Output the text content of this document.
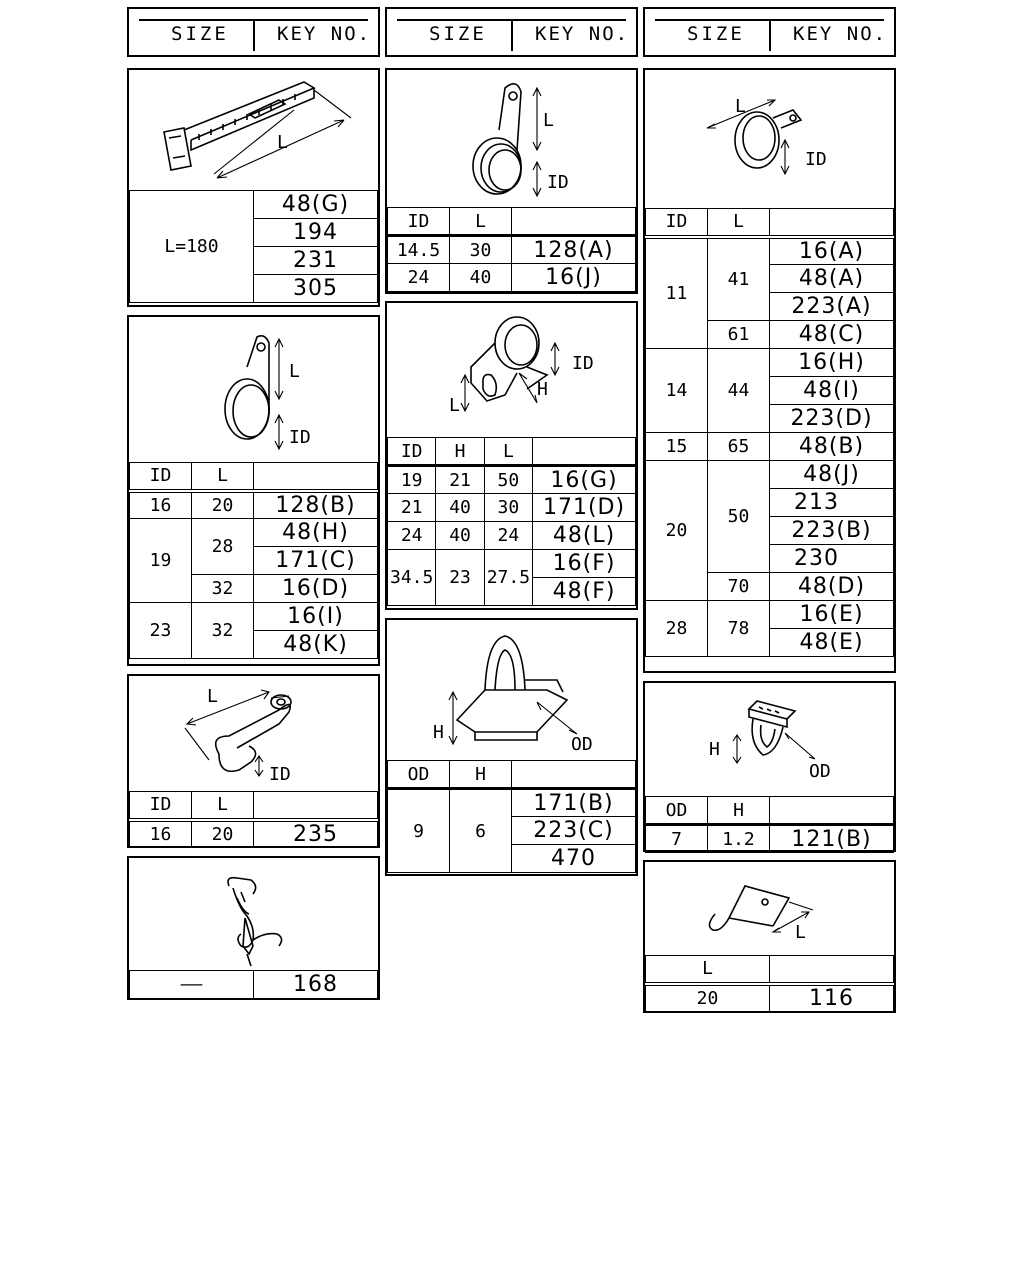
SIZE	KEY NO.	SIZE	KEY NO.	SIZE	KEY NO.
L
L=180	48(G)
194
231
305
L
ID
ID	L	
16	20	128(B)
19	28	48(H)
		171(C)
	32	16(D)
23	32	16(I)
		48(K)
L
ID
ID	L	
16	20	235
——	168
L
ID
ID	L	
14.5	30	128(A)
24	40	16(J)
ID
H
L
ID	H	L	
19	21	50	16(G)
21	40	30	171(D)
24	40	24	48(L)
34.5	23	27.5	16(F)
			48(F)
H
OD
OD	H	
9	6	171(B)
		223(C)
		470
L
ID
ID	L	
11	41	16(A)
		48(A)
		223(A)
	61	48(C)
14	44	16(H)
		48(I)
		223(D)
15	65	48(B)
20	50	48(J)
		213
		223(B)
		230
	70	48(D)
28	78	16(E)
		48(E)
H
OD
OD	H	
7	1.2	121(B)
L
L	
20	116
